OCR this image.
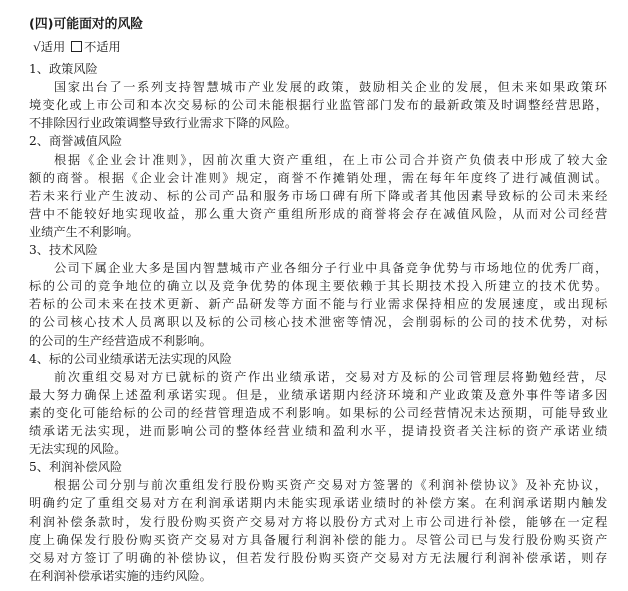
(四)可能面对的风险
√适用 不适用
1、政策风险
国家出台了一系列支持智慧城市产业发展的政策，鼓励相关企业的发展，但未来如果政策环
境变化或上市公司和本次交易标的公司未能根据行业监管部门发布的最新政策及时调整经营思路，
不排除因行业政策调整导致行业需求下降的风险。
2、商誉减值风险
根据《企业会计准则》，因前次重大资产重组，在上市公司合并资产负债表中形成了较大金
额的商誉。根据《企业会计准则》规定，商誉不作摊销处理，需在每年年度终了进行减值测试。
若未来行业产生波动、标的公司产品和服务市场口碑有所下降或者其他因素导致标的公司未来经
营中不能较好地实现收益，那么重大资产重组所形成的商誉将会存在减值风险，从而对公司经营
业绩产生不利影响。
3、技术风险
公司下属企业大多是国内智慧城市产业各细分子行业中具备竞争优势与市场地位的优秀厂商，
标的公司的竞争地位的确立以及竞争优势的体现主要依赖于其长期技术投入所建立的技术优势。
若标的公司未来在技术更新、新产品研发等方面不能与行业需求保持相应的发展速度，或出现标
的公司核心技术人员离职以及标的公司核心技术泄密等情况，会削弱标的公司的技术优势，对标
的公司的生产经营造成不利影响。
4、标的公司业绩承诺无法实现的风险
前次重组交易对方已就标的资产作出业绩承诺，交易对方及标的公司管理层将勤勉经营，尽
最大努力确保上述盈利承诺实现。但是，业绩承诺期内经济环境和产业政策及意外事件等诸多因
素的变化可能给标的公司的经营管理造成不利影响。如果标的公司经营情况未达预期，可能导致业
绩承诺无法实现，进而影响公司的整体经营业绩和盈利水平，提请投资者关注标的资产承诺业绩
无法实现的风险。
5、利润补偿风险
根据公司分别与前次重组发行股份购买资产交易对方签署的《利润补偿协议》及补充协议，
明确约定了重组交易对方在利润承诺期内未能实现承诺业绩时的补偿方案。在利润承诺期内触发
利润补偿条款时，发行股份购买资产交易对方将以股份方式对上市公司进行补偿，能够在一定程
度上确保发行股份购买资产交易对方具备履行利润补偿的能力。尽管公司已与发行股份购买资产
交易对方签订了明确的补偿协议，但若发行股份购买资产交易对方无法履行利润补偿承诺，则存
在利润补偿承诺实施的违约风险。
